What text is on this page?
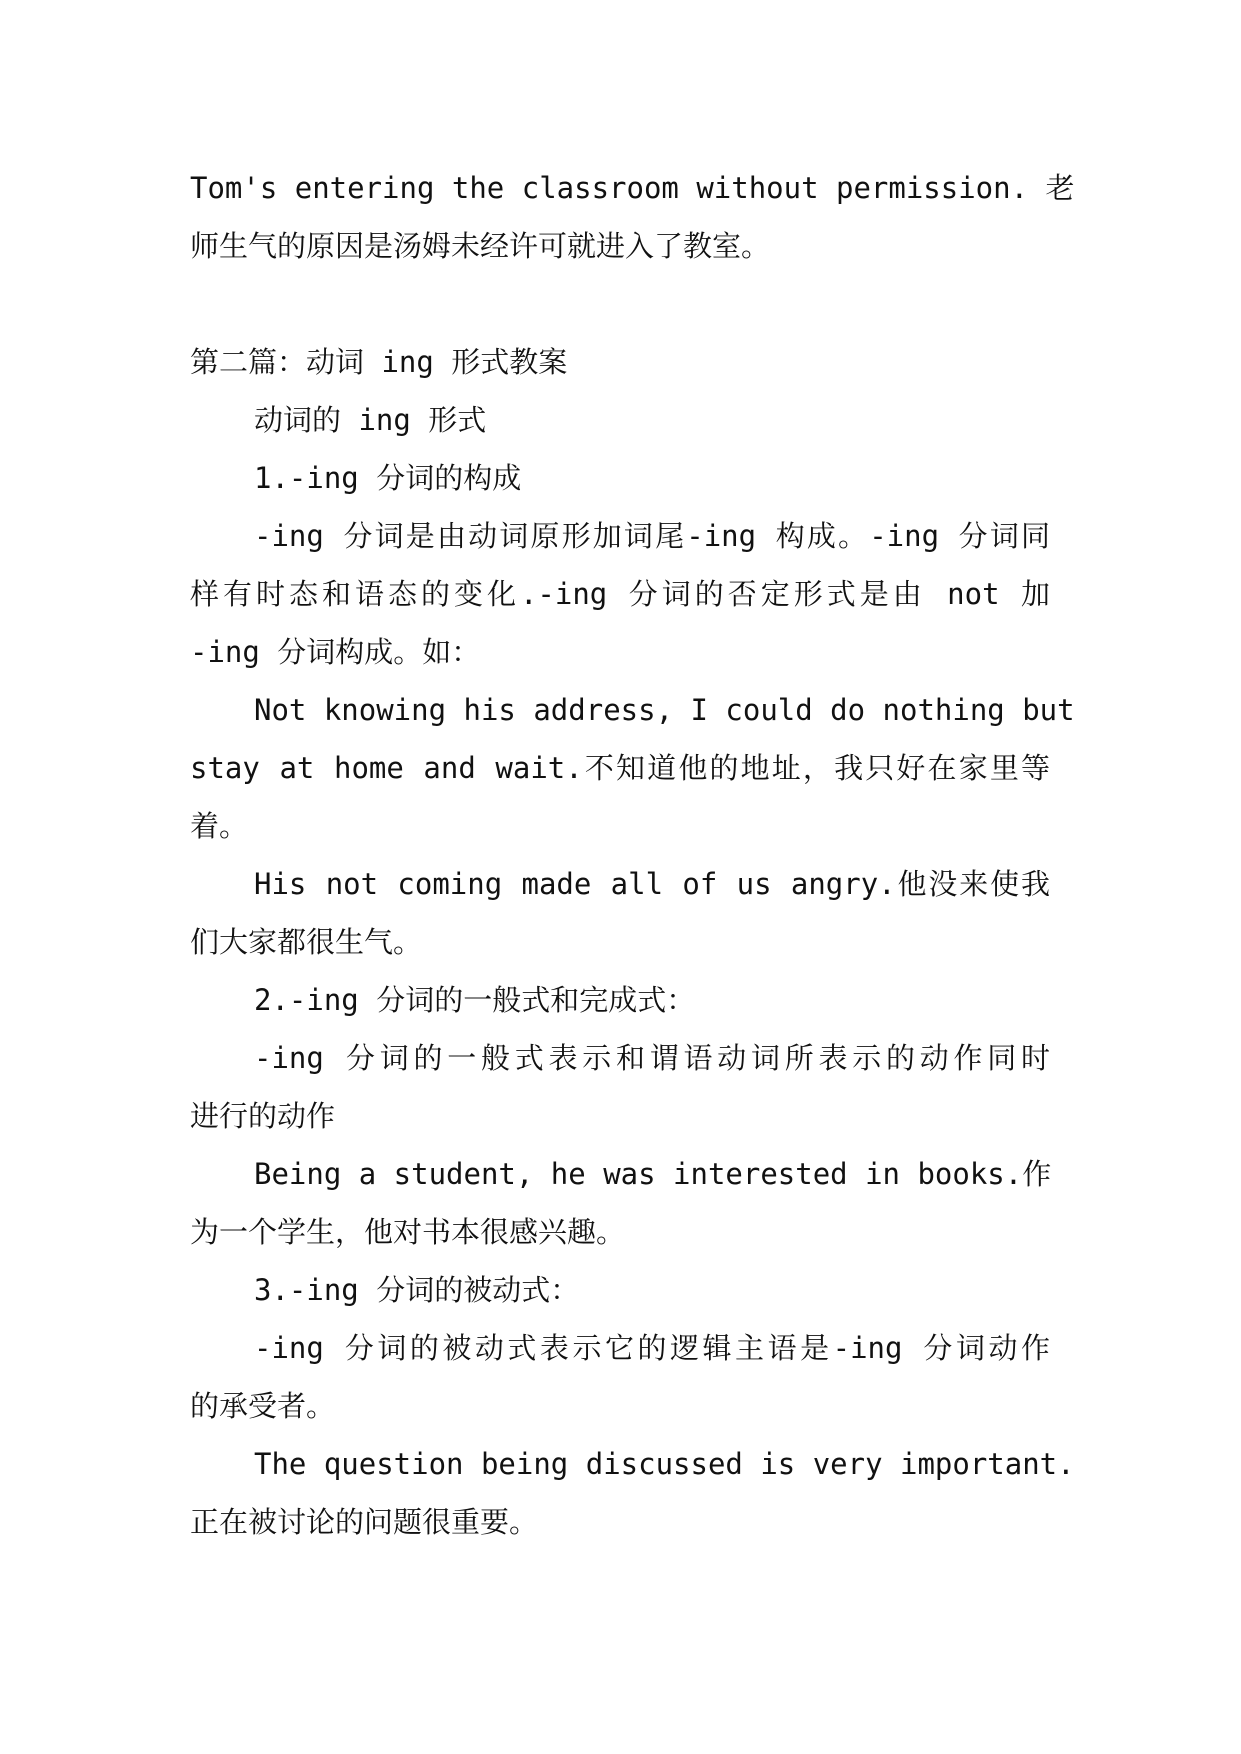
Tom's entering the classroom without permission. 老
师生气的原因是汤姆未经许可就进入了教室。
第二篇：动词 ing 形式教案
动词的 ing 形式
1.-ing 分词的构成
-ing 分词是由动词原形加词尾-ing 构成。-ing 分词同
样有时态和语态的变化.-ing 分词的否定形式是由 not 加
-ing 分词构成。如：
Not knowing his address, I could do nothing but
stay at home and wait.不知道他的地址，我只好在家里等
着。
His not coming made all of us angry.他没来使我
们大家都很生气。
2.-ing 分词的一般式和完成式：
-ing 分词的一般式表示和谓语动词所表示的动作同时
进行的动作
Being a student, he was interested in books.作
为一个学生，他对书本很感兴趣。
3.-ing 分词的被动式：
-ing 分词的被动式表示它的逻辑主语是-ing 分词动作
的承受者。
The question being discussed is very important.
正在被讨论的问题很重要。
